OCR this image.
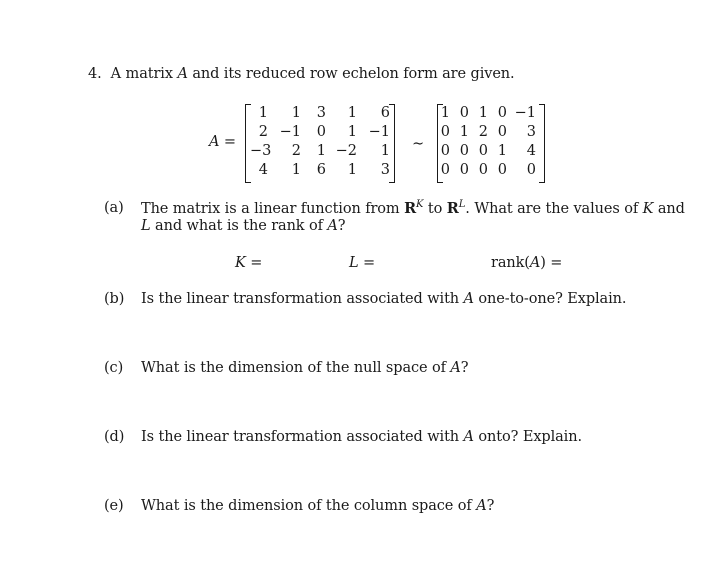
4. A matrix A and its reduced row echelon form are given.
A =
1	1	3	1	6
2 −1	0	1 −1
−3	2	1 −2	1
4	1	6	1	3
∼
1 0 1 0 −1
0 1 2 0	3
0 0 0 1	4
0 0 0 0	0
(a) The matrix is a linear function from $R^K$ to $R^L$. What are the values of K and
L and what is the rank of A?
K =	L =	rank(A) =
(b) Is the linear transformation associated with A one-to-one? Explain.
(c) What is the dimension of the null space of A?
(d) Is the linear transformation associated with A onto? Explain.
(e) What is the dimension of the column space of A?
